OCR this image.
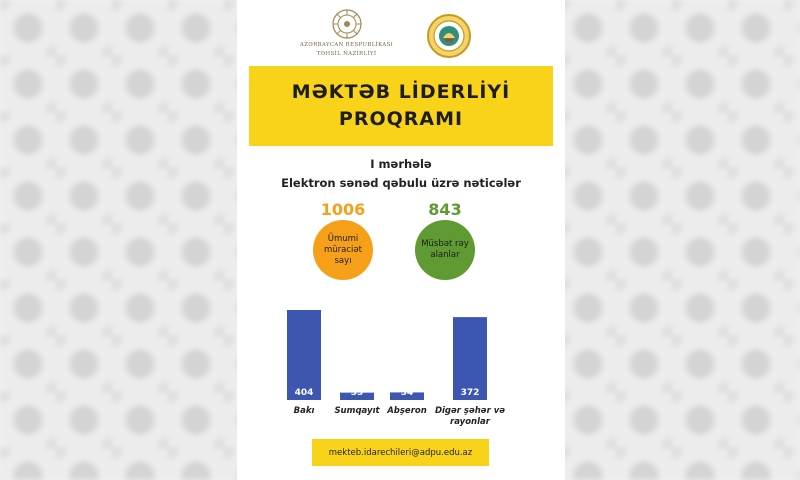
AZƏRBAYCAN RESPUBLİKASI
TƏHSİL NAZİRLİYİ
MƏKTƏB LİDERLİYİ
PROQRAMI
I mərhələ
Elektron sənəd qəbulu üzrə nəticələr
1006
Ümumi müraciət sayı
843
Müsbət rəy alanlar
404
Bakı
33
Sumqayıt
34
Abşeron
372
Digər şəhər və
rayonlar
mekteb.idarechileri@adpu.edu.az
